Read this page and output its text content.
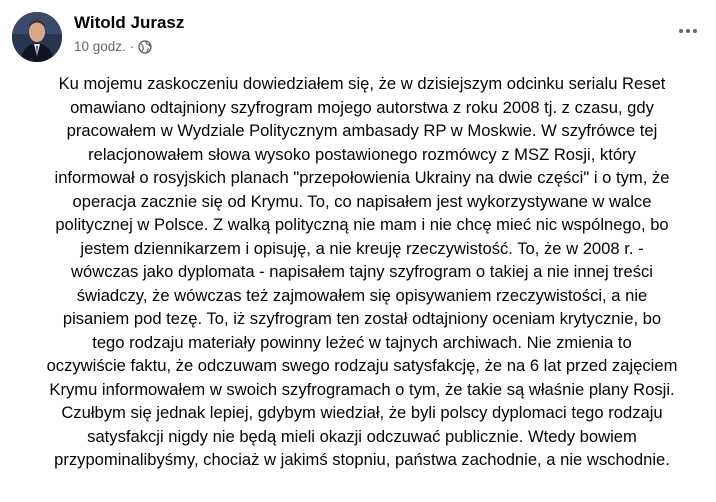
Witold Jurasz
10 godz. ·
Ku mojemu zaskoczeniu dowiedziałem się, że w dzisiejszym odcinku serialu Reset
omawiano odtajniony szyfrogram mojego autorstwa z roku 2008 tj. z czasu, gdy
pracowałem w Wydziale Politycznym ambasady RP w Moskwie. W szyfrówce tej
relacjonowałem słowa wysoko postawionego rozmówcy z MSZ Rosji, który
informował o rosyjskich planach "przepołowienia Ukrainy na dwie części" i o tym, że
operacja zacznie się od Krymu. To, co napisałem jest wykorzystywane w walce
politycznej w Polsce. Z walką polityczną nie mam i nie chcę mieć nic wspólnego, bo
jestem dziennikarzem i opisuję, a nie kreuję rzeczywistość. To, że w 2008 r. -
wówczas jako dyplomata - napisałem tajny szyfrogram o takiej a nie innej treści
świadczy, że wówczas też zajmowałem się opisywaniem rzeczywistości, a nie
pisaniem pod tezę. To, iż szyfrogram ten został odtajniony oceniam krytycznie, bo
tego rodzaju materiały powinny leżeć w tajnych archiwach. Nie zmienia to
oczywiście faktu, że odczuwam swego rodzaju satysfakcję, że na 6 lat przed zajęciem
Krymu informowałem w swoich szyfrogramach o tym, że takie są właśnie plany Rosji.
Czułbym się jednak lepiej, gdybym wiedział, że byli polscy dyplomaci tego rodzaju
satysfakcji nigdy nie będą mieli okazji odczuwać publicznie. Wtedy bowiem
przypominalibyśmy, chociaż w jakimś stopniu, państwa zachodnie, a nie wschodnie.
